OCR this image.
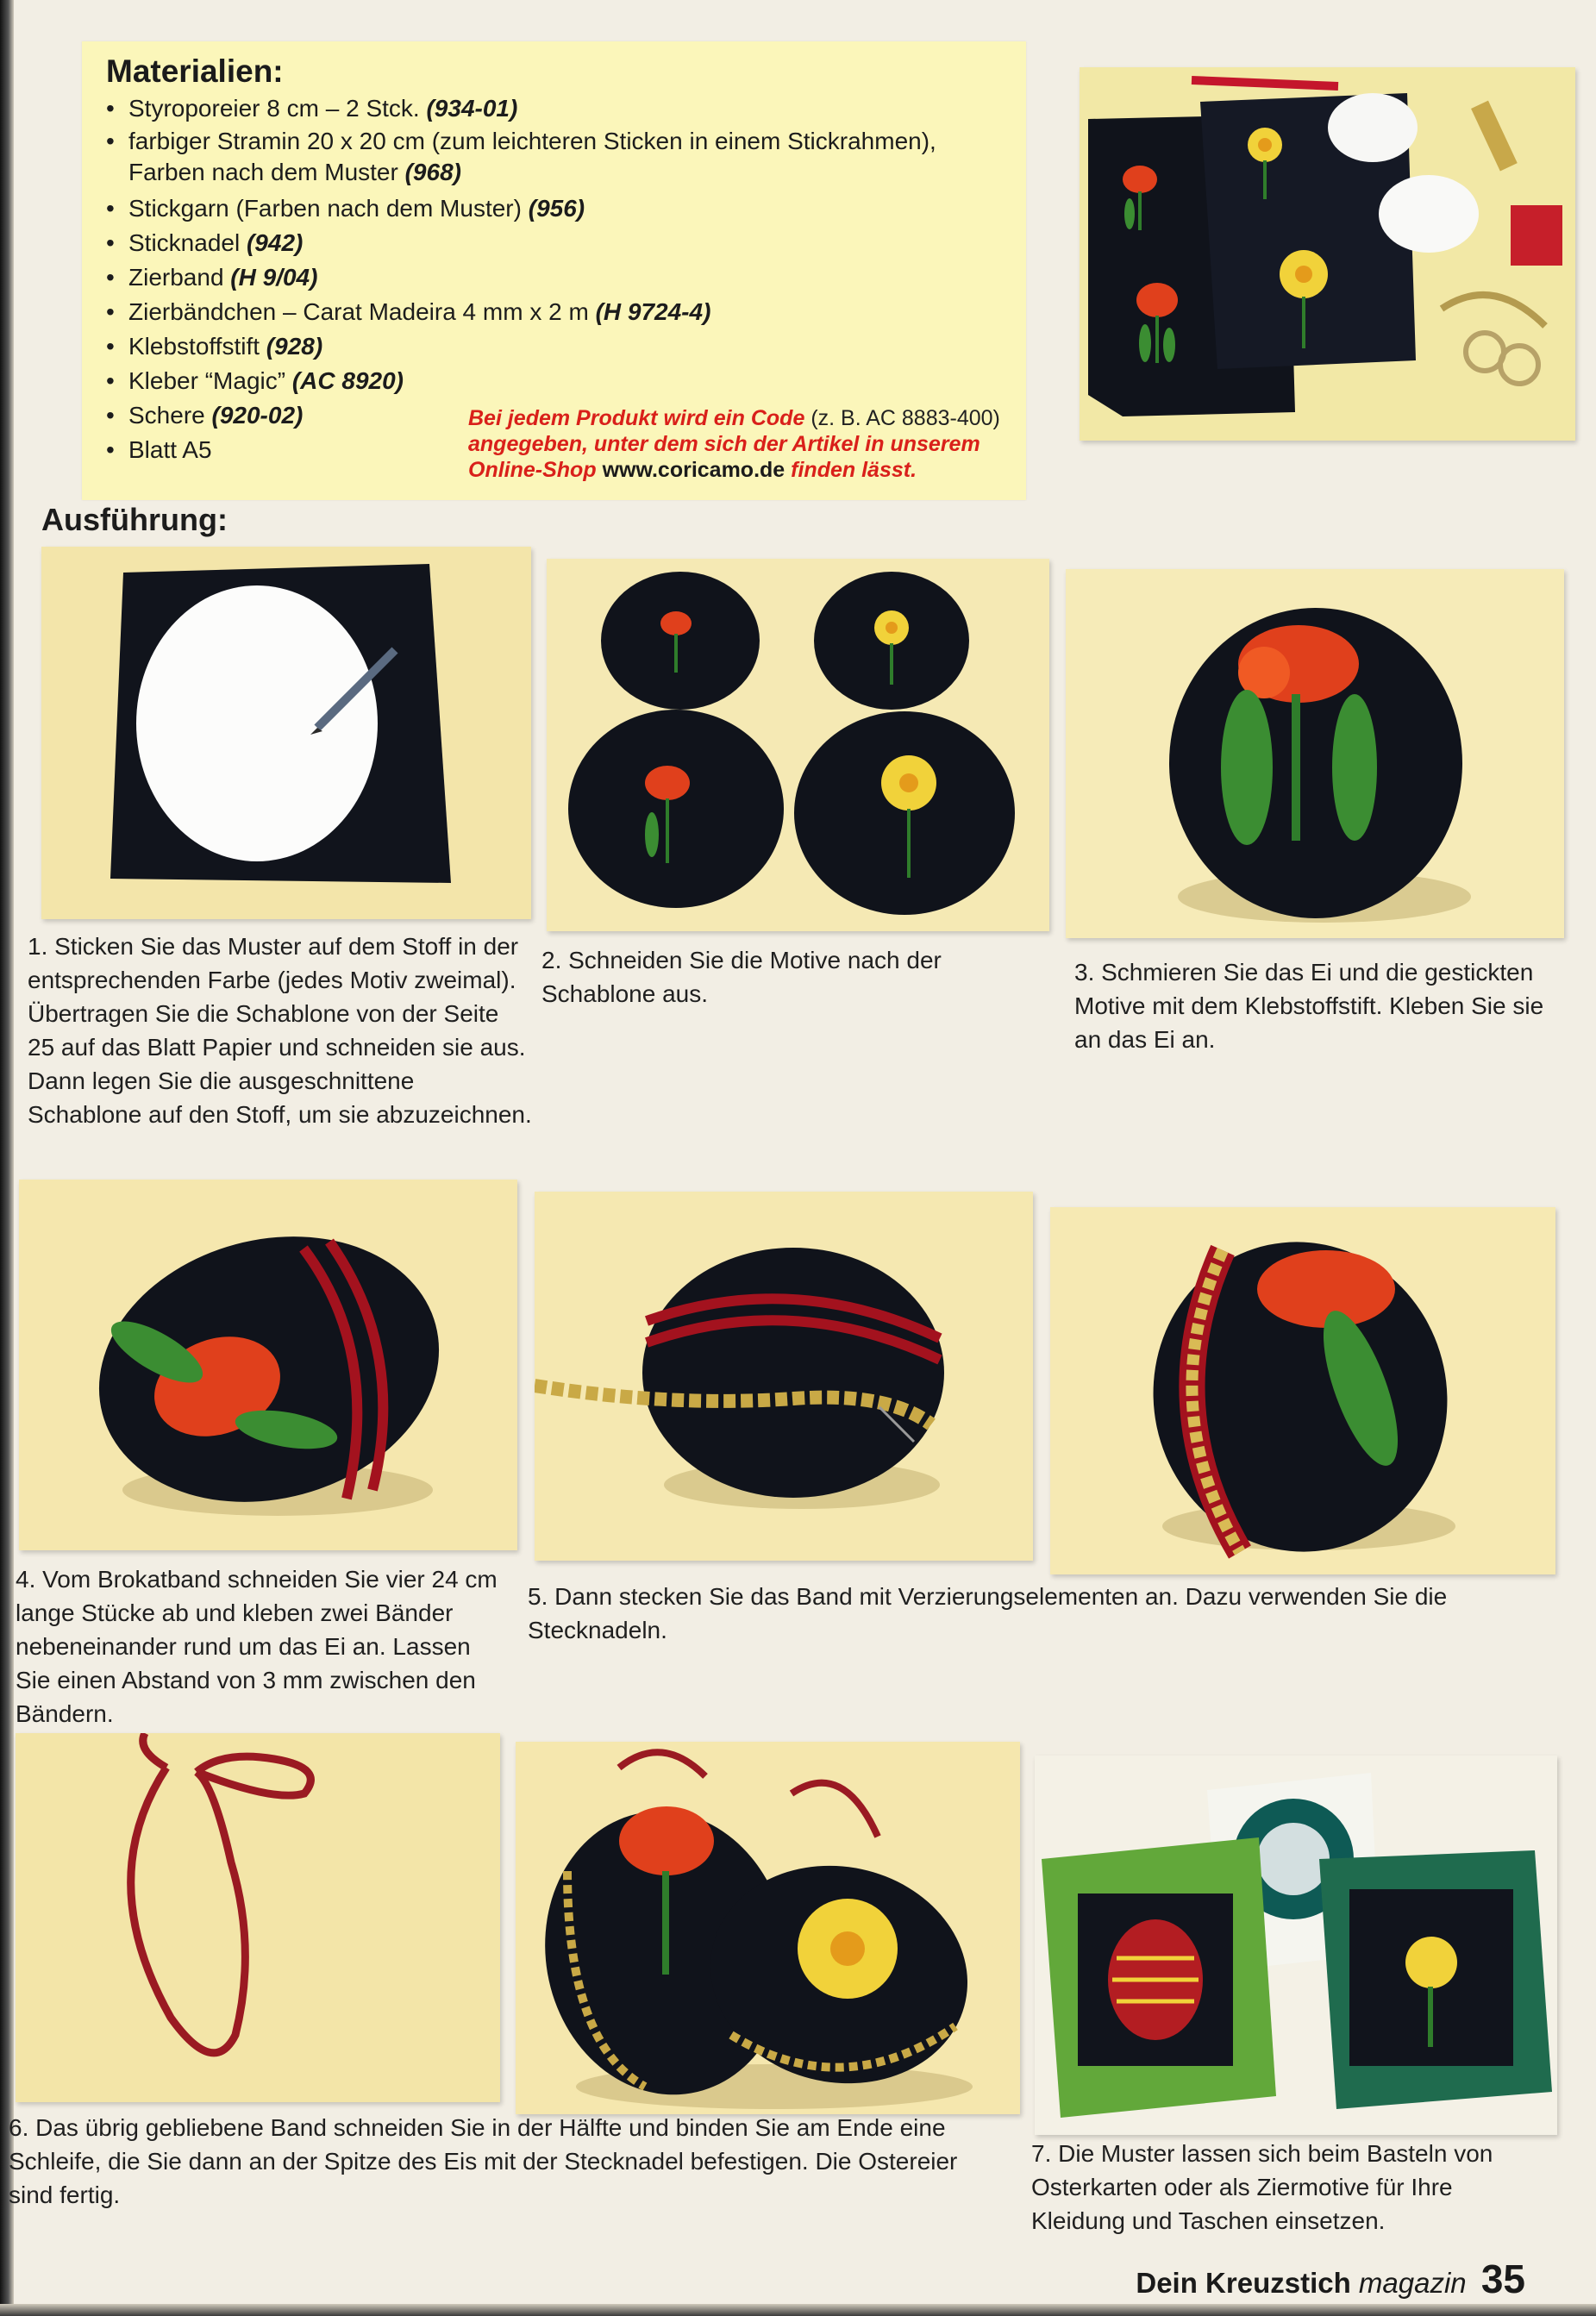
Materialien:
• Styroporeier 8 cm – 2 Stck. (934-01)
• farbiger Stramin 20 x 20 cm (zum leichteren Sticken in einem Stickrahmen), Farben nach dem Muster (968)
• Stickgarn (Farben nach dem Muster) (956)
• Sticknadel (942)
• Zierband (H 9/04)
• Zierbändchen – Carat Madeira 4 mm x 2 m (H 9724-4)
• Klebstoffstift (928)
• Kleber “Magic” (AC 8920)
• Schere (920-02)
• Blatt A5
Bei jedem Produkt wird ein Code (z. B. AC 8883-400) angegeben, unter dem sich der Artikel in unserem Online-Shop www.coricamo.de finden lässt.
Ausführung:
1. Sticken Sie das Muster auf dem Stoff in der entsprechenden Farbe (jedes Motiv zweimal). Übertragen Sie die Schablone von der Seite 25 auf das Blatt Papier und schneiden sie aus. Dann legen Sie die ausgeschnittene Schablone auf den Stoff, um sie abzuzeichnen.
2. Schneiden Sie die Motive nach der Schablone aus.
3. Schmieren Sie das Ei und die gestickten Motive mit dem Klebstoffstift. Kleben Sie sie an das Ei an.
4. Vom Brokatband schneiden Sie vier 24 cm lange Stücke ab und kleben zwei Bänder nebeneinander rund um das Ei an. Lassen Sie einen Abstand von 3 mm zwischen den Bändern.
5. Dann stecken Sie das Band mit Verzierungselementen an. Dazu verwenden Sie die Stecknadeln.
6. Das übrig gebliebene Band schneiden Sie in der Hälfte und binden Sie am Ende eine Schleife, die Sie dann an der Spitze des Eis mit der Stecknadel befestigen. Die Ostereier sind fertig.
7. Die Muster lassen sich beim Basteln von Osterkarten oder als Ziermotive für Ihre Kleidung und Taschen einsetzen.
Dein Kreuzstich magazin 35
